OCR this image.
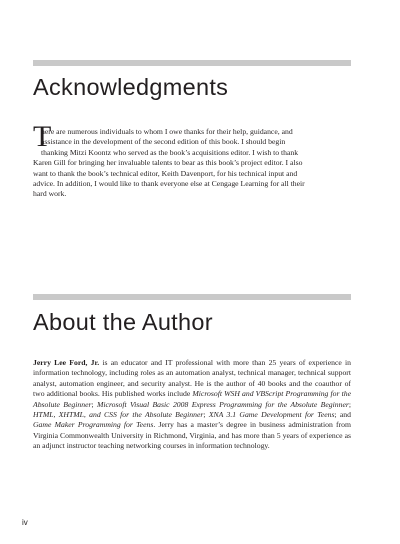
Acknowledgments
T
here are numerous individuals to whom I owe thanks for their help, guidance, and
assistance in the development of the second edition of this book. I should begin
thanking Mitzi Koontz who served as the book’s acquisitions editor. I wish to thank
Karen Gill for bringing her invaluable talents to bear as this book’s project editor. I also
want to thank the book’s technical editor, Keith Davenport, for his technical input and
advice. In addition, I would like to thank everyone else at Cengage Learning for all their
hard work.
About the Author

Jerry Lee Ford, Jr. is an educator and IT professional with more than 25 years of experience in information technology, including roles as an automation analyst, technical manager, technical support analyst, automation engineer, and security analyst. He is the author of 40 books and the coauthor of two additional books. His published works include Microsoft WSH and VBScript Programming for the Absolute Beginner; Microsoft Visual Basic 2008 Express Programming for the Absolute Beginner; HTML, XHTML, and CSS for the Absolute Beginner; XNA 3.1 Game Development for Teens; and Game Maker Programming for Teens. Jerry has a master’s degree in business administration from Virginia Commonwealth University in Richmond, Virginia, and has more than 5 years of experience as an adjunct instructor teaching networking courses in information technology.

iv
